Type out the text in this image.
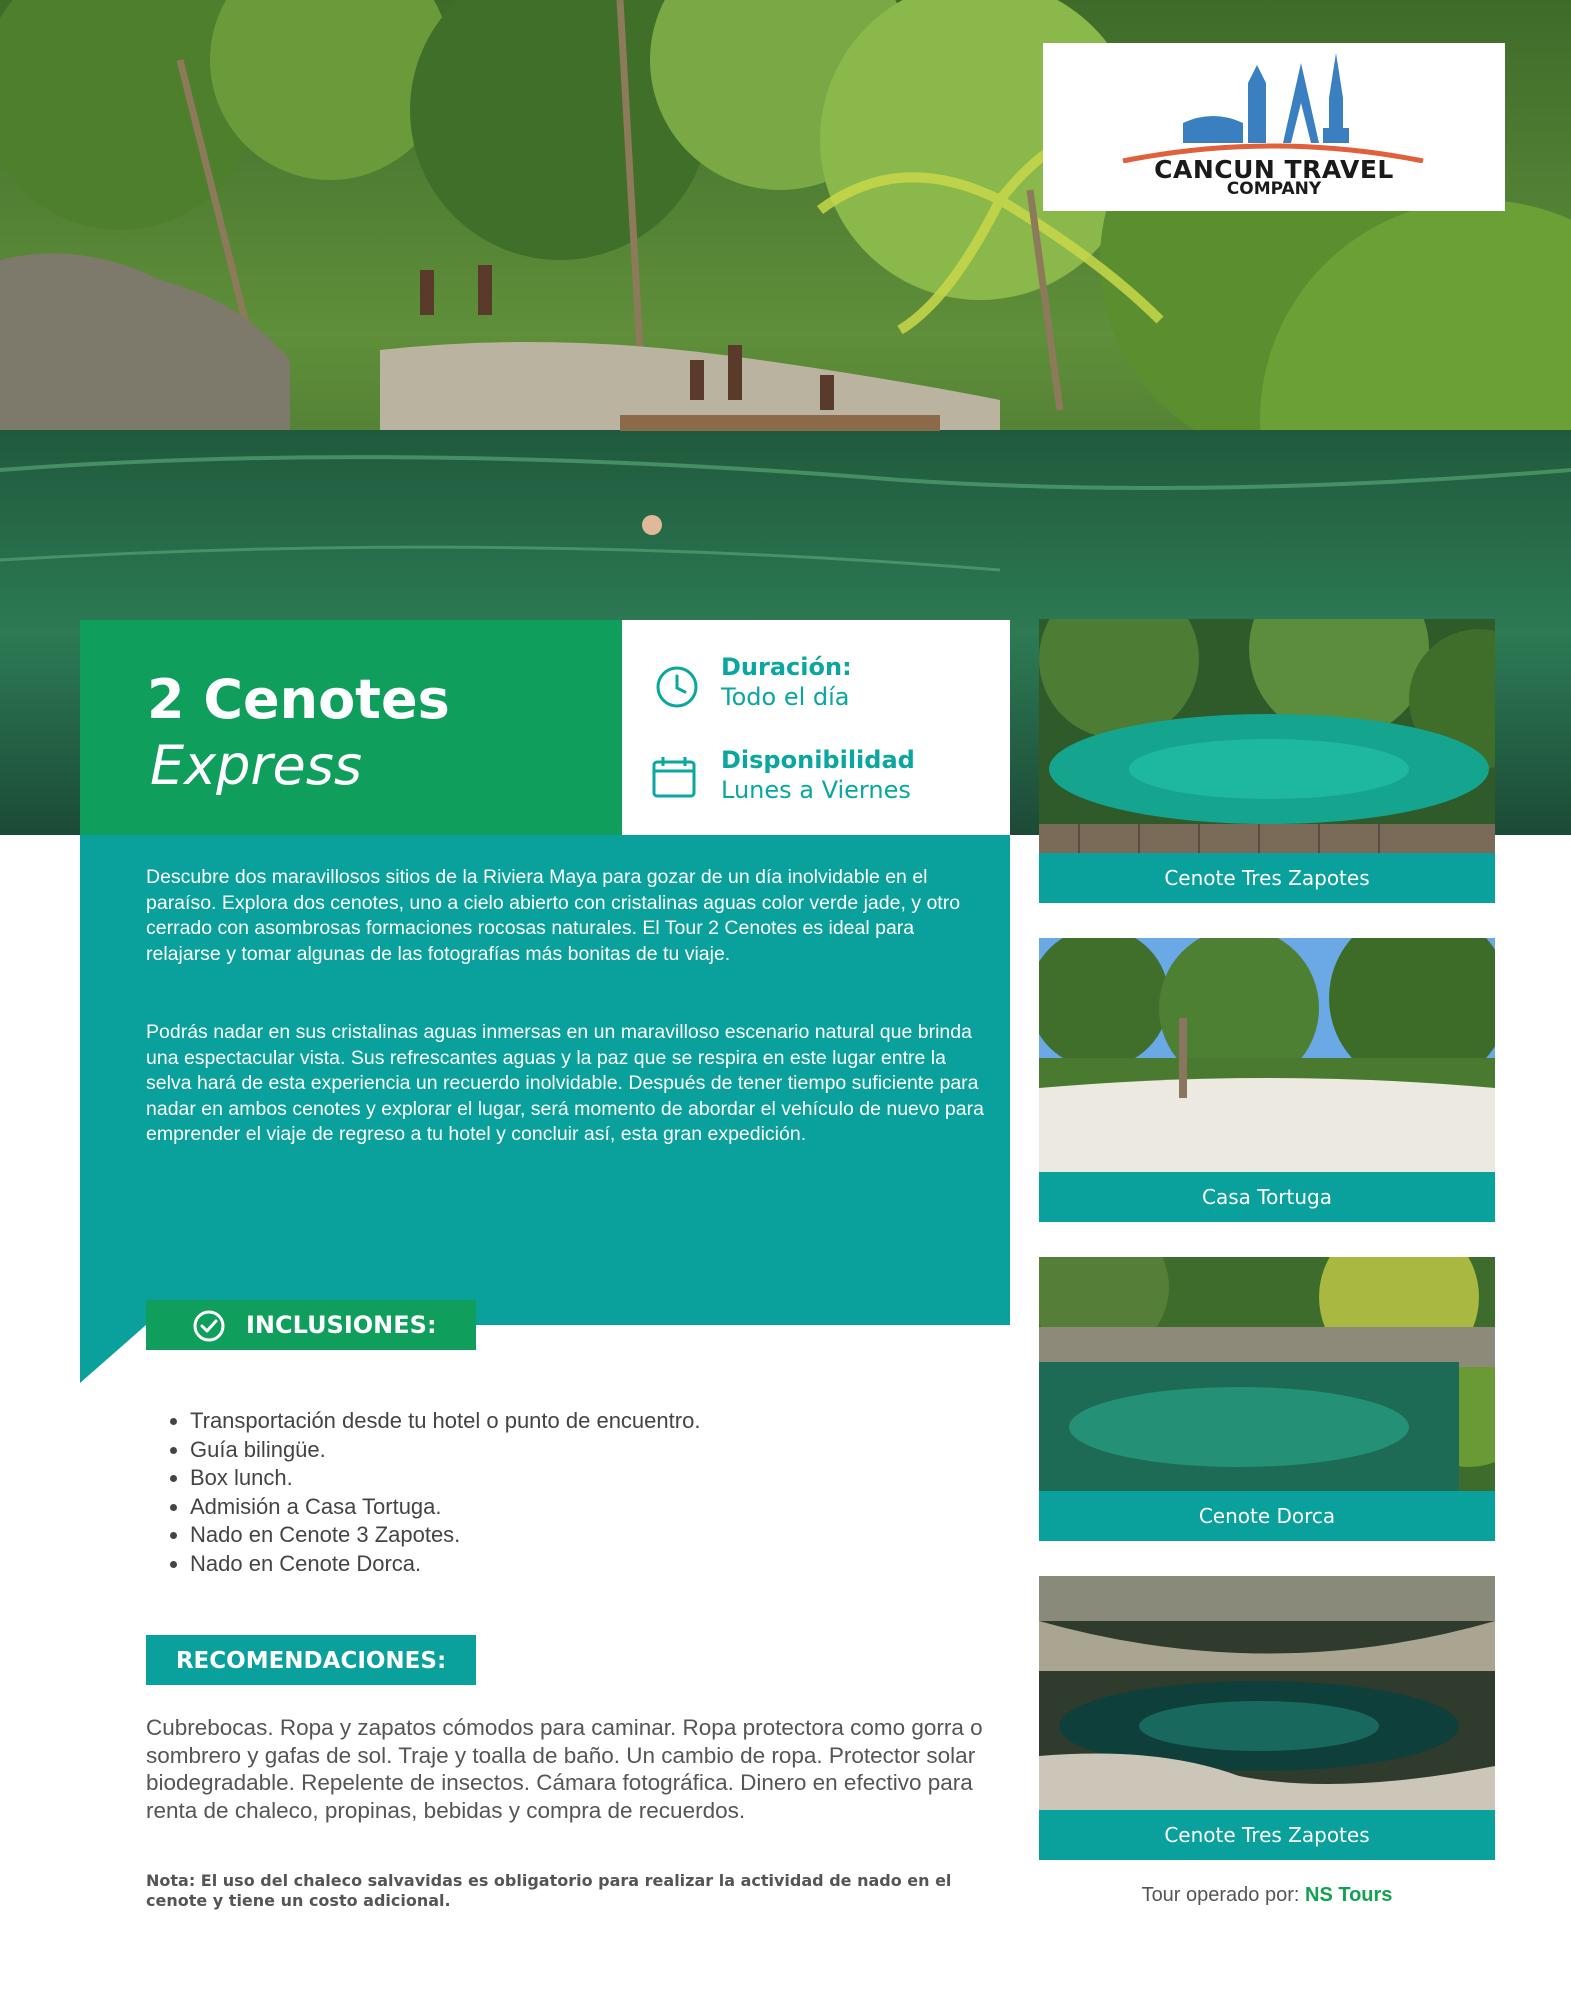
CANCUN TRAVEL
COMPANY
2 Cenotes
Express
Duración:
Todo el día
Disponibilidad
Lunes a Viernes
Descubre dos maravillosos sitios de la Riviera Maya para gozar de un día inolvidable en el paraíso. Explora dos cenotes, uno a cielo abierto con cristalinas aguas color verde jade, y otro cerrado con asombrosas formaciones rocosas naturales. El Tour 2 Cenotes es ideal para relajarse y tomar algunas de las fotografías más bonitas de tu viaje.
Podrás nadar en sus cristalinas aguas inmersas en un maravilloso escenario natural que brinda una espectacular vista. Sus refrescantes aguas y la paz que se respira en este lugar entre la selva hará de esta experiencia un recuerdo inolvidable. Después de tener tiempo suficiente para nadar en ambos cenotes y explorar el lugar, será momento de abordar el vehículo de nuevo para emprender el viaje de regreso a tu hotel y concluir así, esta gran expedición.
INCLUSIONES:
• Transportación desde tu hotel o punto de encuentro.
• Guía bilingüe.
• Box lunch.
• Admisión a Casa Tortuga.
• Nado en Cenote 3 Zapotes.
• Nado en Cenote Dorca.
RECOMENDACIONES:
Cubrebocas. Ropa y zapatos cómodos para caminar. Ropa protectora como gorra o sombrero y gafas de sol. Traje y toalla de baño. Un cambio de ropa. Protector solar biodegradable. Repelente de insectos. Cámara fotográfica. Dinero en efectivo para renta de chaleco, propinas, bebidas y compra de recuerdos.
Nota: El uso del chaleco salvavidas es obligatorio para realizar la actividad de nado en el cenote y tiene un costo adicional.
Cenote Tres Zapotes
Casa Tortuga
Cenote Dorca
Cenote Tres Zapotes
Tour operado por: NS Tours
